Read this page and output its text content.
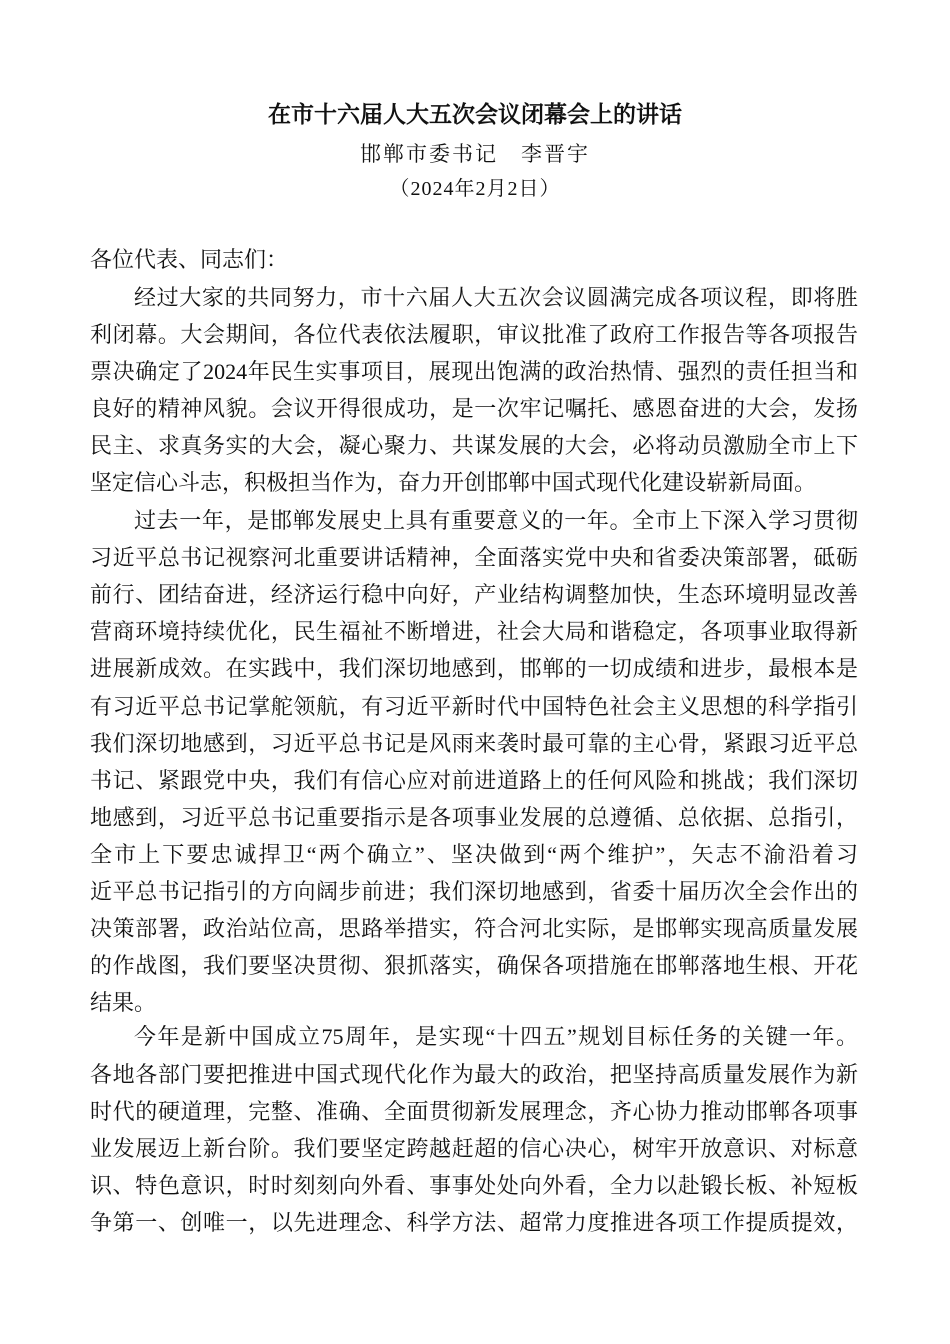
在市十六届人大五次会议闭幕会上的讲话
邯郸市委书记　李晋宇
（2024年2月2日）
各位代表、同志们：
经过大家的共同努力，市十六届人大五次会议圆满完成各项议程，即将胜
利闭幕。大会期间，各位代表依法履职，审议批准了政府工作报告等各项报告
票决确定了2024年民生实事项目，展现出饱满的政治热情、强烈的责任担当和
良好的精神风貌。会议开得很成功，是一次牢记嘱托、感恩奋进的大会，发扬
民主、求真务实的大会，凝心聚力、共谋发展的大会，必将动员激励全市上下
坚定信心斗志，积极担当作为，奋力开创邯郸中国式现代化建设崭新局面。
过去一年，是邯郸发展史上具有重要意义的一年。全市上下深入学习贯彻
习近平总书记视察河北重要讲话精神，全面落实党中央和省委决策部署，砥砺
前行、团结奋进，经济运行稳中向好，产业结构调整加快，生态环境明显改善
营商环境持续优化，民生福祉不断增进，社会大局和谐稳定，各项事业取得新
进展新成效。在实践中，我们深切地感到，邯郸的一切成绩和进步，最根本是
有习近平总书记掌舵领航，有习近平新时代中国特色社会主义思想的科学指引
我们深切地感到，习近平总书记是风雨来袭时最可靠的主心骨，紧跟习近平总
书记、紧跟党中央，我们有信心应对前进道路上的任何风险和挑战；我们深切
地感到，习近平总书记重要指示是各项事业发展的总遵循、总依据、总指引，
全市上下要忠诚捍卫“两个确立”、坚决做到“两个维护”，矢志不渝沿着习
近平总书记指引的方向阔步前进；我们深切地感到，省委十届历次全会作出的
决策部署，政治站位高，思路举措实，符合河北实际，是邯郸实现高质量发展
的作战图，我们要坚决贯彻、狠抓落实，确保各项措施在邯郸落地生根、开花
结果。
今年是新中国成立75周年，是实现“十四五”规划目标任务的关键一年。
各地各部门要把推进中国式现代化作为最大的政治，把坚持高质量发展作为新
时代的硬道理，完整、准确、全面贯彻新发展理念，齐心协力推动邯郸各项事
业发展迈上新台阶。我们要坚定跨越赶超的信心决心，树牢开放意识、对标意
识、特色意识，时时刻刻向外看、事事处处向外看，全力以赴锻长板、补短板
争第一、创唯一，以先进理念、科学方法、超常力度推进各项工作提质提效，
